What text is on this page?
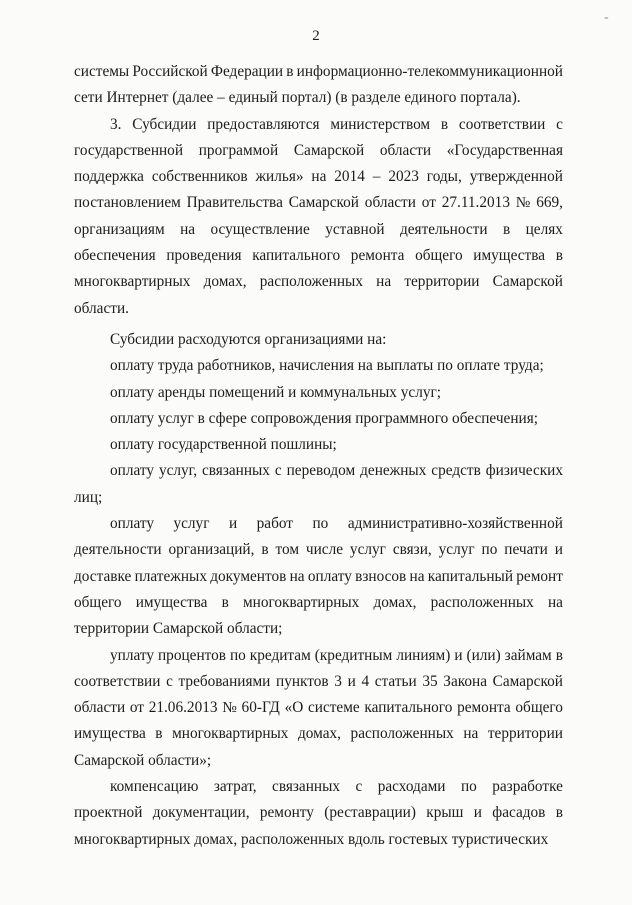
2
-
системы Российской Федерации в информационно-телекоммуникационной
сети Интернет (далее – единый портал) (в разделе единого портала).
3. Субсидии предоставляются министерством в соответствии с
государственной программой Самарской области «Государственная
поддержка собственников жилья» на 2014 – 2023 годы, утвержденной
постановлением Правительства Самарской области от 27.11.2013 № 669,
организациям на осуществление уставной деятельности в целях
обеспечения проведения капитального ремонта общего имущества в
многоквартирных домах, расположенных на территории Самарской
области.
Субсидии расходуются организациями на:
оплату труда работников, начисления на выплаты по оплате труда;
оплату аренды помещений и коммунальных услуг;
оплату услуг в сфере сопровождения программного обеспечения;
оплату государственной пошлины;
оплату услуг, связанных с переводом денежных средств физических
лиц;
оплату услуг и работ по административно-хозяйственной
деятельности организаций, в том числе услуг связи, услуг по печати и
доставке платежных документов на оплату взносов на капитальный ремонт
общего имущества в многоквартирных домах, расположенных на
территории Самарской области;
уплату процентов по кредитам (кредитным линиям) и (или) займам в
соответствии с требованиями пунктов 3 и 4 статьи 35 Закона Самарской
области от 21.06.2013 № 60-ГД «О системе капитального ремонта общего
имущества в многоквартирных домах, расположенных на территории
Самарской области»;
компенсацию затрат, связанных с расходами по разработке
проектной документации, ремонту (реставрации) крыш и фасадов в
многоквартирных домах, расположенных вдоль гостевых туристических
